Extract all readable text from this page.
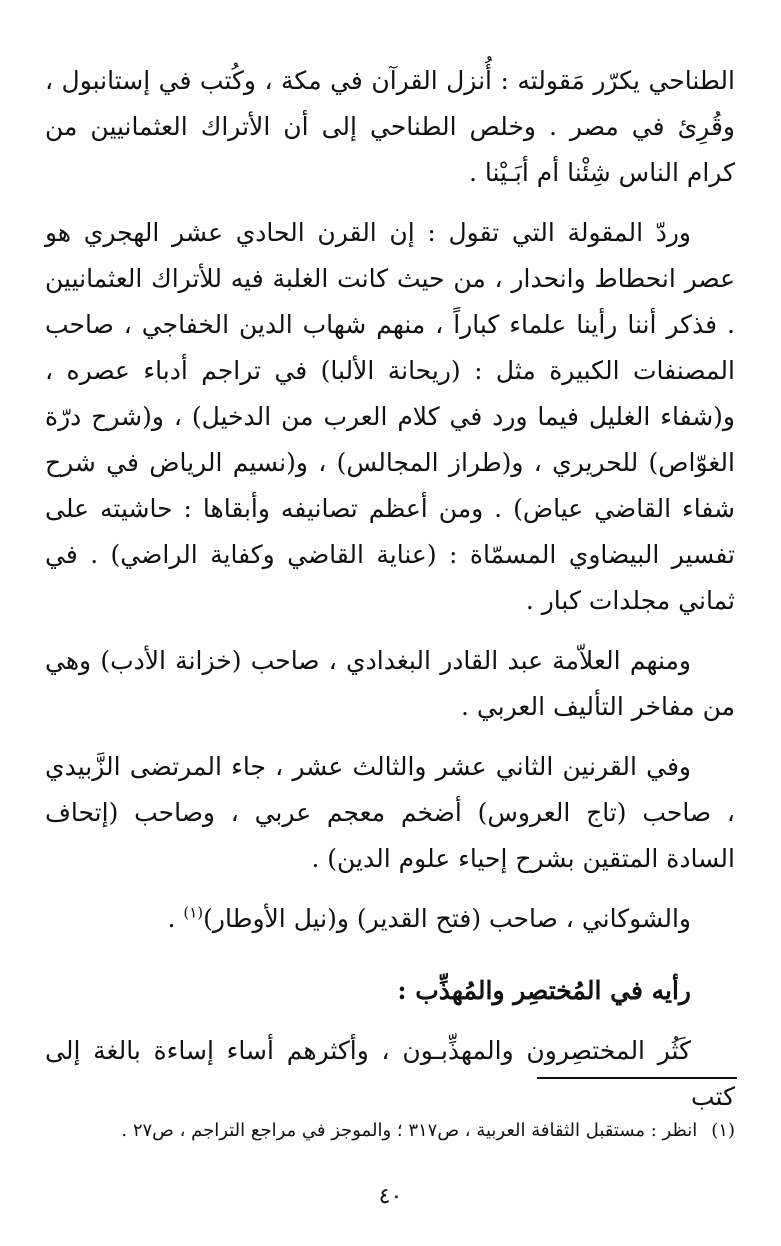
الطناحي يكرّر مَقولته : أُنزل القرآن في مكة ، وكُتب في إستانبول ، وقُرِئ في مصر . وخلص الطناحي إلى أن الأتراك العثمانيين من كرام الناس شِئْنا أم أبَـيْنا .

وردّ المقولة التي تقول : إن القرن الحادي عشر الهجري هو عصر انحطاط وانحدار ، من حيث كانت الغلبة فيه للأتراك العثمانيين . فذكر أننا رأينا علماء كباراً ، منهم شهاب الدين الخفاجي ، صاحب المصنفات الكبيرة مثل : (ريحانة الألبا) في تراجم أدباء عصره ، و(شفاء الغليل فيما ورد في كلام العرب من الدخيل) ، و(شرح درّة الغوّاص) للحريري ، و(طراز المجالس) ، و(نسيم الرياض في شرح شفاء القاضي عياض) . ومن أعظم تصانيفه وأبقاها : حاشيته على تفسير البيضاوي المسمّاة : (عناية القاضي وكفاية الراضي) . في ثماني مجلدات كبار .

ومنهم العلاّمة عبد القادر البغدادي ، صاحب (خزانة الأدب) وهي من مفاخر التأليف العربي .

وفي القرنين الثاني عشر والثالث عشر ، جاء المرتضى الزَّبيدي ، صاحب (تاج العروس) أضخم معجم عربي ، وصاحب (إتحاف السادة المتقين بشرح إحياء علوم الدين) .

والشوكاني ، صاحب (فتح القدير) و(نيل الأوطار)$^{(١)}$ .

رأيه في المُختصِر والمُهذِّب :

كَثُر المختصِرون والمهذِّبـون ، وأكثرهم أساء إساءة بالغة إلى كتب

(١)انظر : مستقبل الثقافة العربية ، ص٣١٧ ؛ والموجز في مراجع التراجم ، ص٢٧ .

٤٠
